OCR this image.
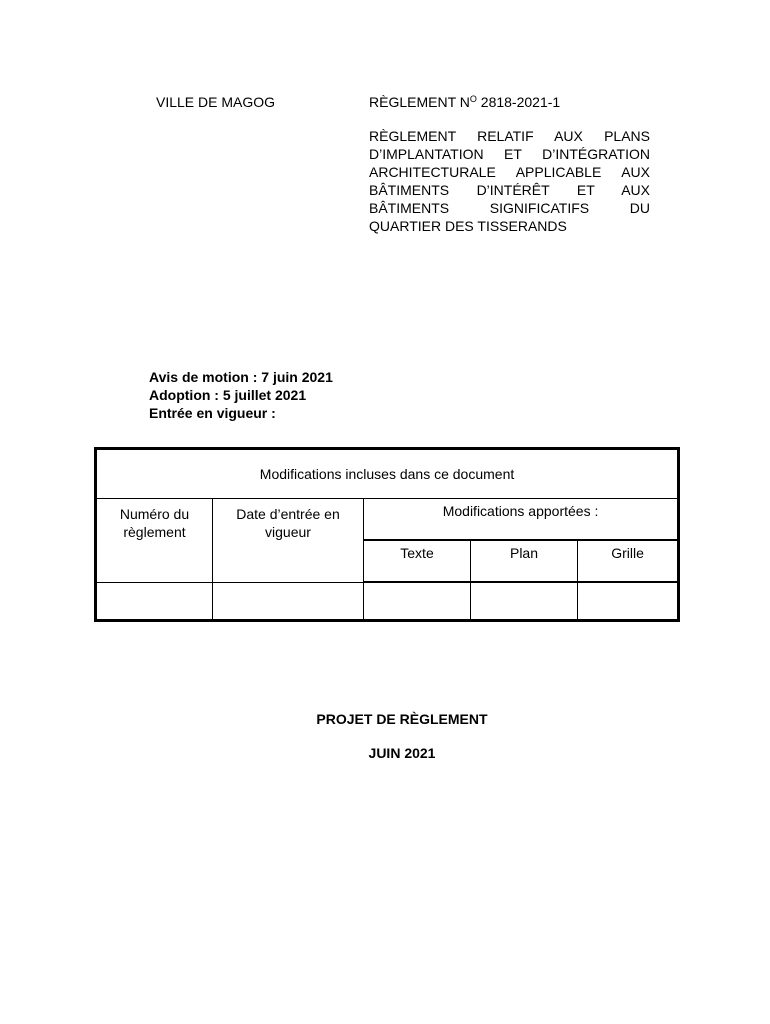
VILLE DE MAGOG	RÈGLEMENT $N^O$ 2818-2021-1
RÈGLEMENT RELATIF AUX PLANS D’IMPLANTATION ET D’INTÉGRATION ARCHITECTURALE APPLICABLE AUX BÂTIMENTS D’INTÉRÊT ET AUX BÂTIMENTS SIGNIFICATIFS DU QUARTIER DES TISSERANDS
Avis de motion : 7 juin 2021
Adoption : 5 juillet 2021
Entrée en vigueur :
Modifications incluses dans ce document				

Numéro du règlement	Date d’entrée en vigueur	Modifications apportées :		
		Texte	Plan	Grille

PROJET DE RÈGLEMENT
JUIN 2021
